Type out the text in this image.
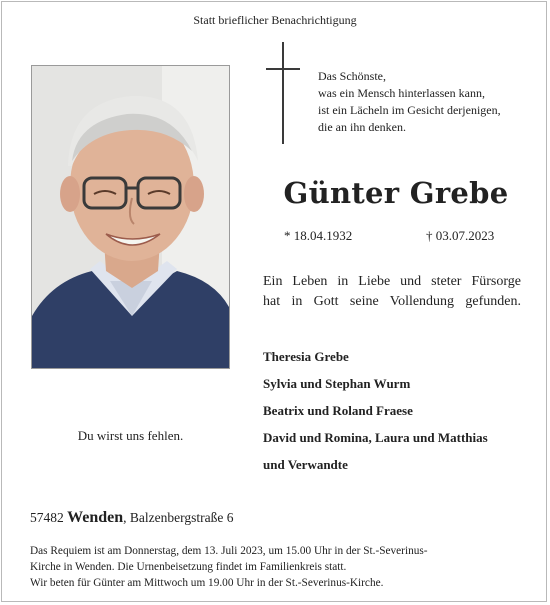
Statt brieflicher Benachrichtigung
Das Schönste,
was ein Mensch hinterlassen kann,
ist ein Lächeln im Gesicht derjenigen,
die an ihn denken.
Günter Grebe
* 18.04.1932	† 03.07.2023
Ein Leben in Liebe und steter Fürsorge
hat in Gott seine Vollendung gefunden.
Theresia Grebe
Sylvia und Stephan Wurm
Beatrix und Roland Fraese
David und Romina, Laura und Matthias
und Verwandte
Du wirst uns fehlen.
57482 Wenden, Balzenbergstraße 6
Das Requiem ist am Donnerstag, dem 13. Juli 2023, um 15.00 Uhr in der St.-Severinus-
Kirche in Wenden. Die Urnenbeisetzung findet im Familienkreis statt.
Wir beten für Günter am Mittwoch um 19.00 Uhr in der St.-Severinus-Kirche.
